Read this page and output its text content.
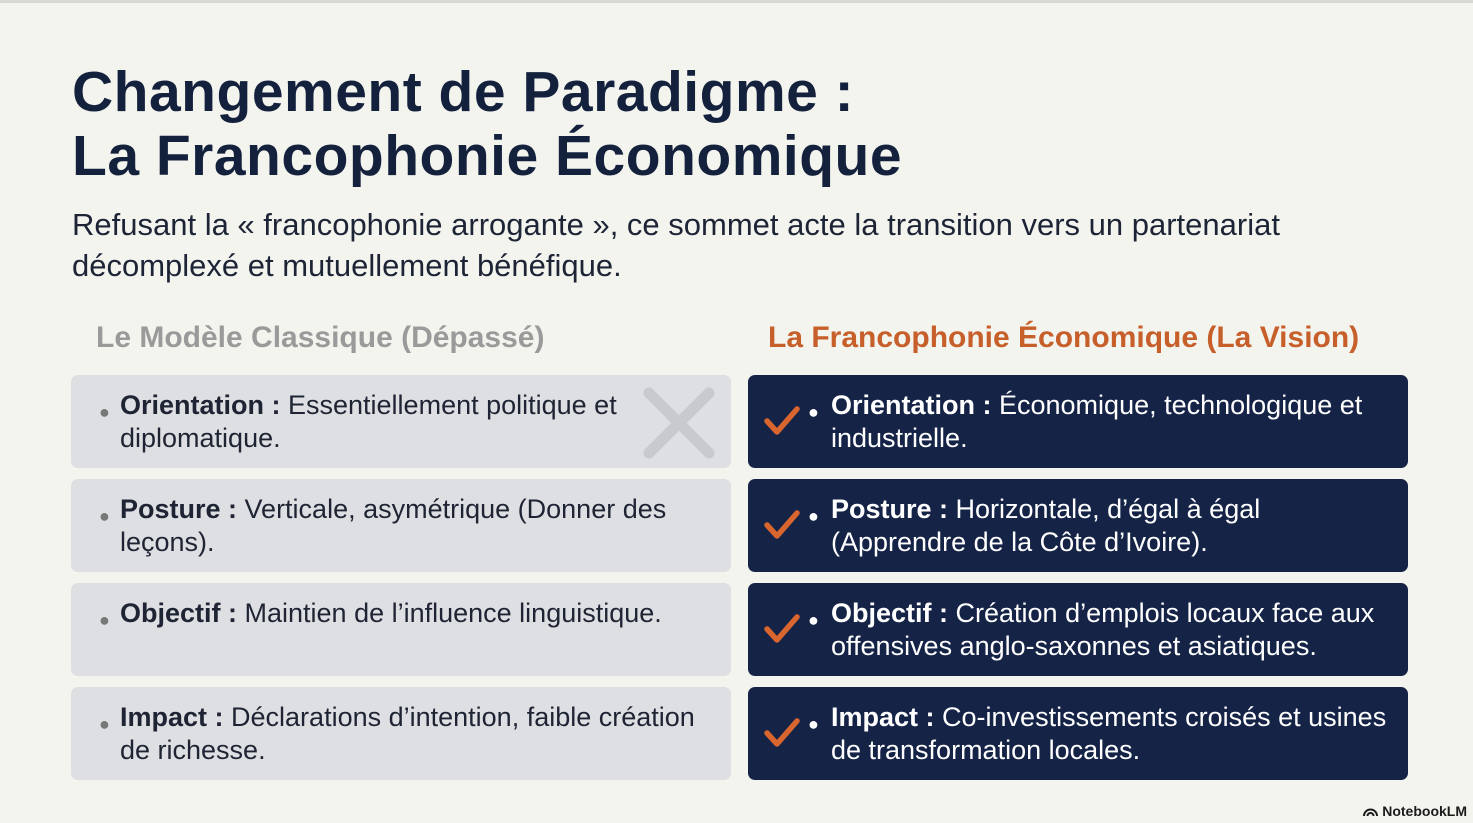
Changement de Paradigme :
La Francophonie Économique

Refusant la « francophonie arrogante », ce sommet acte la transition vers un partenariat décomplexé et mutuellement bénéfique.

Le Modèle Classique (Dépassé)	La Francophonie Économique (La Vision)
● Orientation : Essentiellement politique et diplomatique.
● Posture : Verticale, asymétrique (Donner des leçons).
● Objectif : Maintien de l’influence linguistique.
● Impact : Déclarations d’intention, faible création de richesse.
● Orientation : Économique, technologique et industrielle.
● Posture : Horizontale, d’égal à égal (Apprendre de la Côte d’Ivoire).
● Objectif : Création d’emplois locaux face aux offensives anglo-saxonnes et asiatiques.
● Impact : Co-investissements croisés et usines de transformation locales.
NotebookLM
